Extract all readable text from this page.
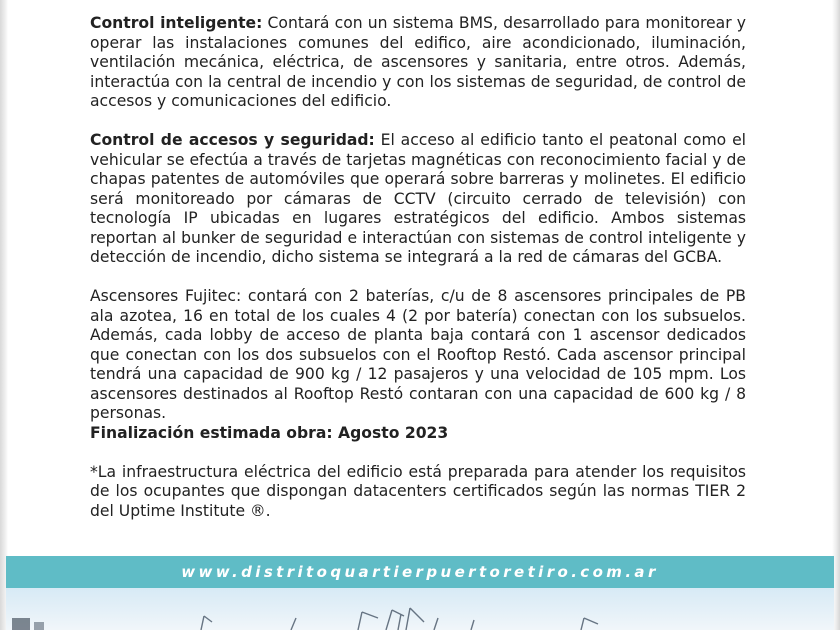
Control inteligente: Contará con un sistema BMS, desarrollado para monitorear y operar las instalaciones comunes del edifico, aire acondicionado, iluminación, ventilación mecánica, eléctrica, de ascensores y sanitaria, entre otros. Además, interactúa con la central de incendio y con los sistemas de seguridad, de control de accesos y comunicaciones del edificio.

Control de accesos y seguridad: El acceso al edificio tanto el peatonal como el vehicular se efectúa a través de tarjetas magnéticas con reconocimiento facial y de chapas patentes de automóviles que operará sobre barreras y molinetes. El edificio será monitoreado por cámaras de CCTV (circuito cerrado de televisión) con tecnología IP ubicadas en lugares estratégicos del edificio. Ambos sistemas reportan al bunker de seguridad e interactúan con sistemas de control inteligente y detección de incendio, dicho sistema se integrará a la red de cámaras del GCBA.

Ascensores Fujitec: contará con 2 baterías, c/u de 8 ascensores principales de PB ala azotea, 16 en total de los cuales 4 (2 por batería) conectan con los subsuelos. Además, cada lobby de acceso de planta baja contará con 1 ascensor dedicados que conectan con los dos subsuelos con el Rooftop Restó. Cada ascensor principal tendrá una capacidad de 900 kg / 12 pasajeros y una velocidad de 105 mpm. Los ascensores destinados al Rooftop Restó contaran con una capacidad de 600 kg / 8 personas.

Finalización estimada obra: Agosto 2023

*La infraestructura eléctrica del edificio está preparada para atender los requisitos de los ocupantes que dispongan datacenters certificados según las normas TIER 2 del Uptime Institute ®.

www.distritoquartierpuertoretiro.com.ar
